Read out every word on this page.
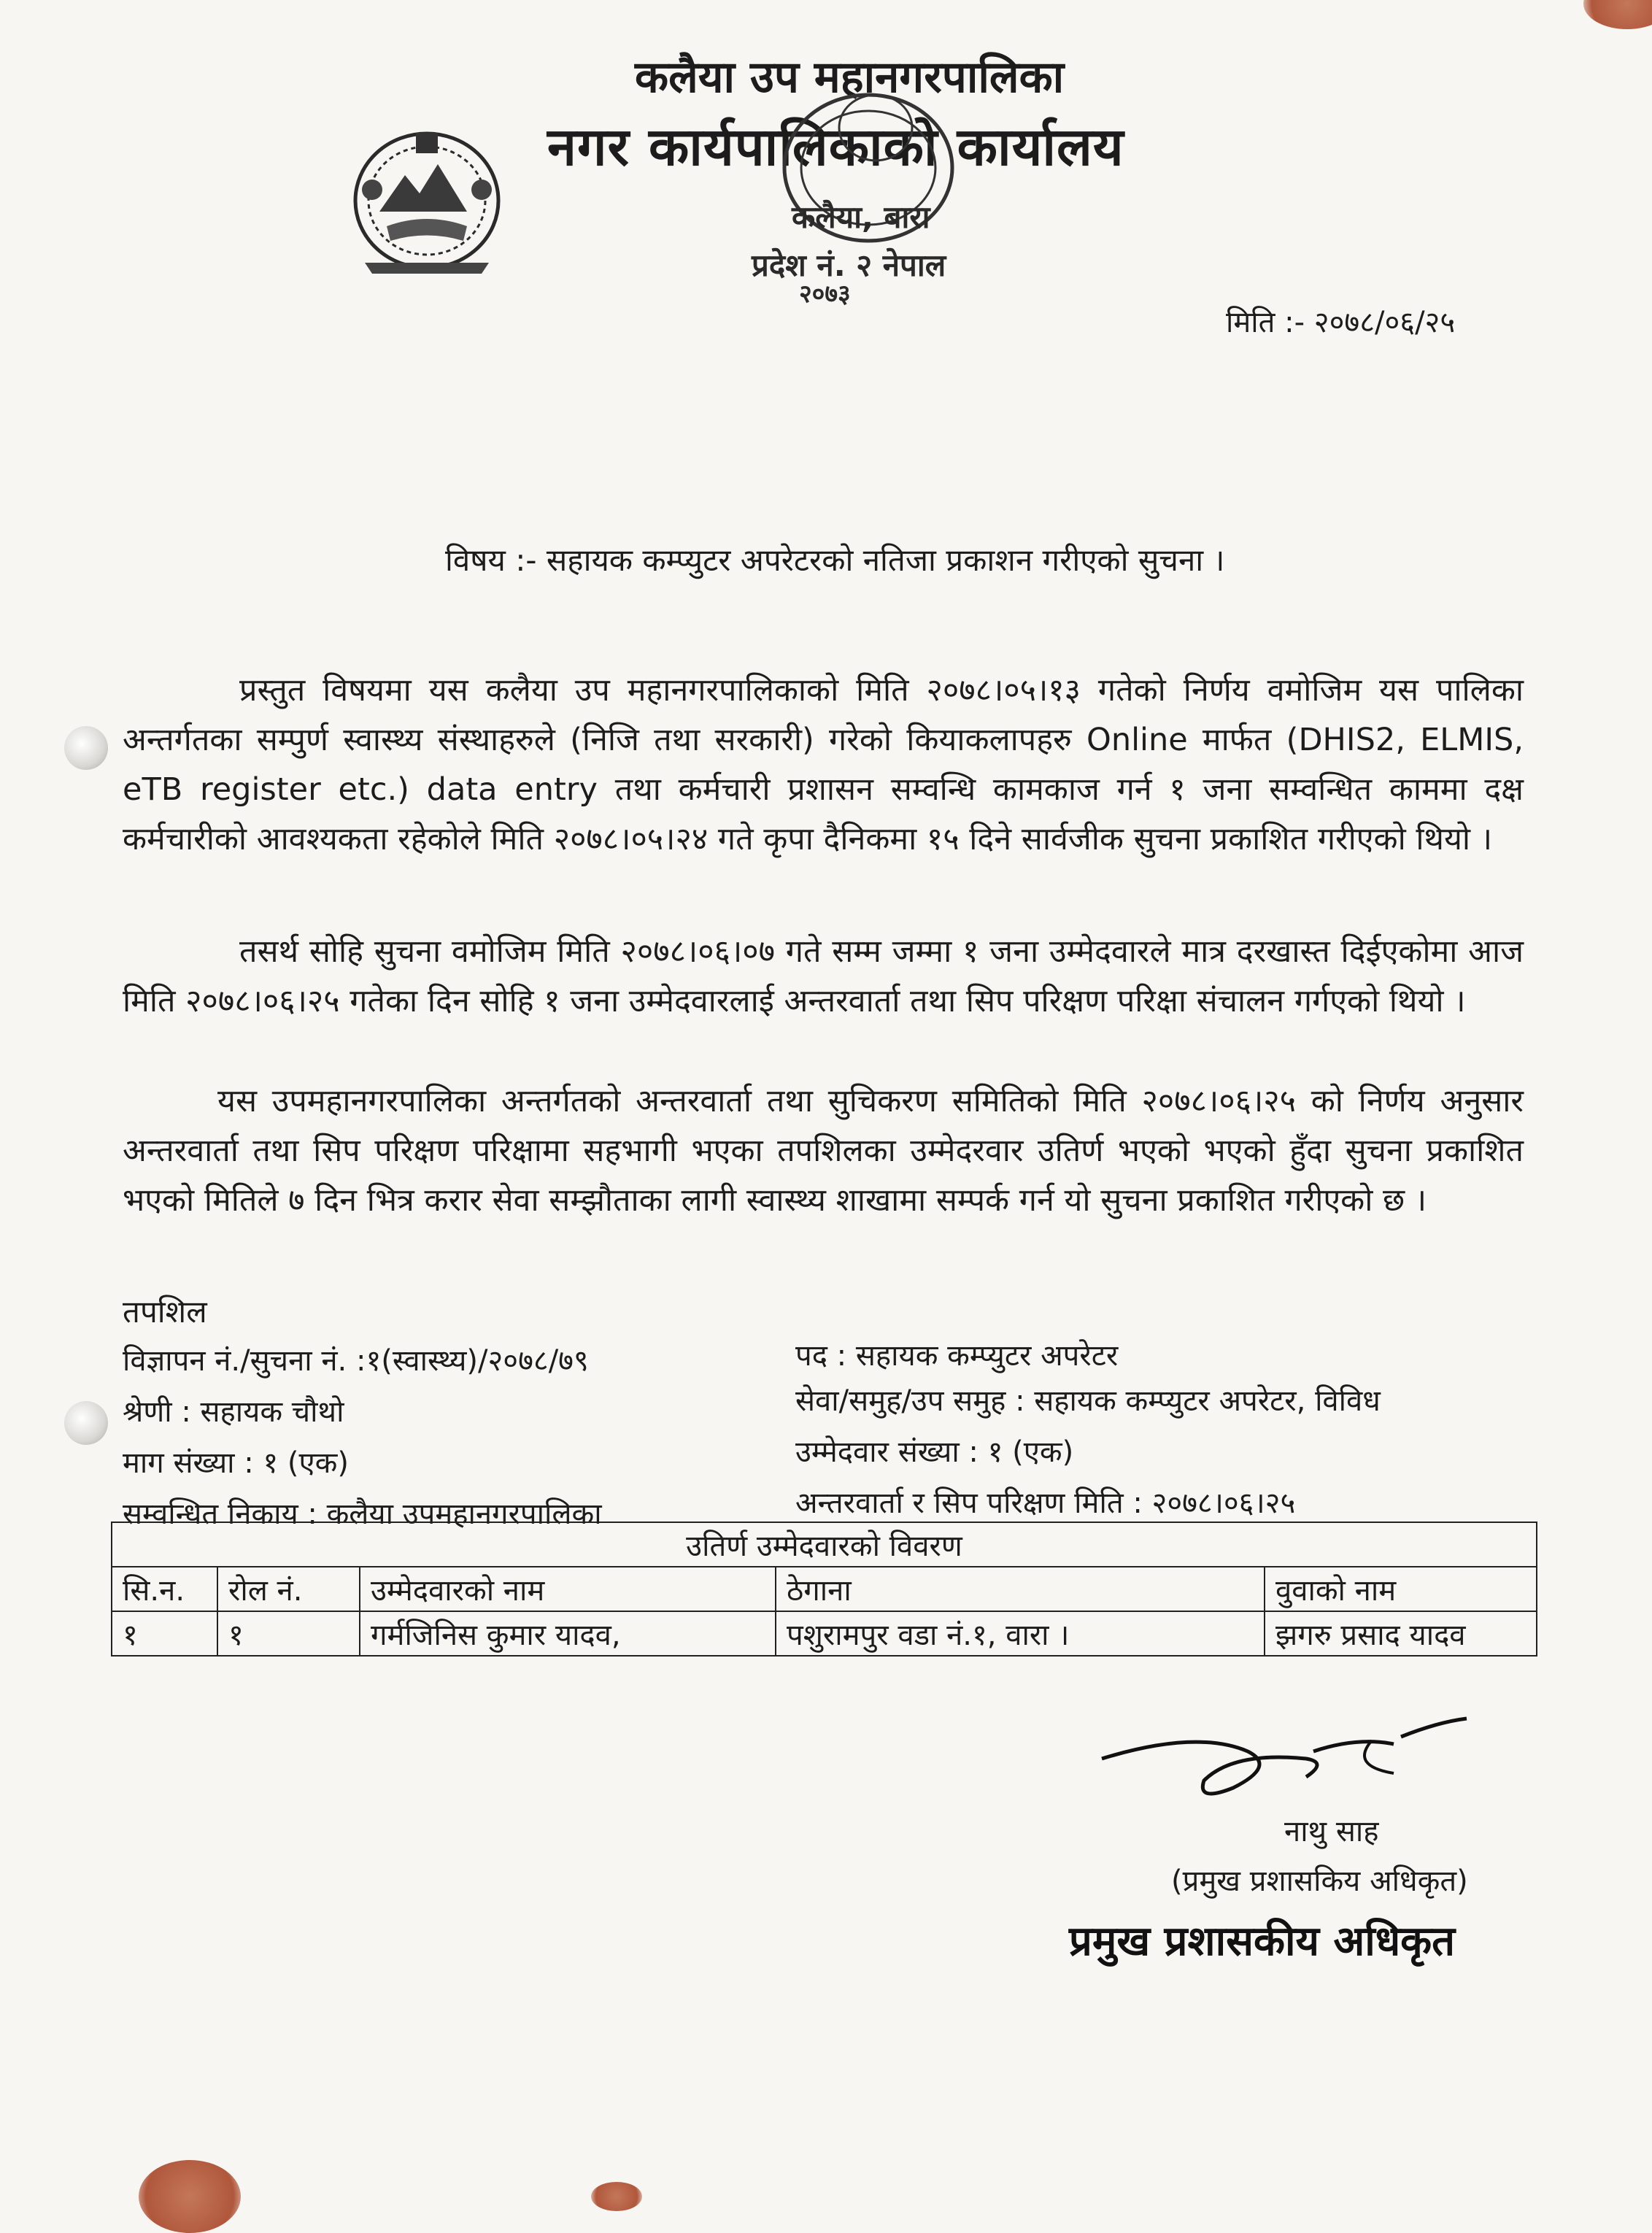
कलैया उप महानगरपालिका
नगर कार्यपालिकाको कार्यालय
कलैया, बारा
प्रदेश नं. २ नेपाल
२०७३
मिति :- २०७८/०६/२५
विषय :- सहायक कम्प्युटर अपरेटरको नतिजा प्रकाशन गरीएको सुचना ।
प्रस्तुत विषयमा यस कलैया उप महानगरपालिकाको मिति २०७८।०५।१३ गतेको निर्णय वमोजिम यस पालिका अन्तर्गतका सम्पुर्ण स्वास्थ्य संस्थाहरुले (निजि तथा सरकारी) गरेको कियाकलापहरु Online मार्फत (DHIS2, ELMIS, eTB register etc.) data entry तथा कर्मचारी प्रशासन सम्वन्धि कामकाज गर्न १ जना सम्वन्धित काममा दक्ष कर्मचारीको आवश्यकता रहेकोले मिति २०७८।०५।२४ गते कृपा दैनिकमा १५ दिने सार्वजीक सुचना प्रकाशित गरीएको थियो ।
तसर्थ सोहि सुचना वमोजिम मिति २०७८।०६।०७ गते सम्म जम्मा १ जना उम्मेदवारले मात्र दरखास्त दिईएकोमा आज मिति २०७८।०६।२५ गतेका दिन सोहि १ जना उम्मेदवारलाई अन्तरवार्ता तथा सिप परिक्षण परिक्षा संचालन गर्गएको थियो ।
यस उपमहानगरपालिका अन्तर्गतको अन्तरवार्ता तथा सुचिकरण समितिको मिति २०७८।०६।२५ को निर्णय अनुसार अन्तरवार्ता तथा सिप परिक्षण परिक्षामा सहभागी भएका तपशिलका उम्मेदरवार उतिर्ण भएको भएको हुँदा सुचना प्रकाशित भएको मितिले ७ दिन भित्र करार सेवा सम्झौताका लागी स्वास्थ्य शाखामा सम्पर्क गर्न यो सुचना प्रकाशित गरीएको छ ।
तपशिल
विज्ञापन नं./सुचना नं. :१(स्वास्थ्य)/२०७८/७९	पद : सहायक कम्प्युटर अपरेटर
श्रेणी : सहायक चौथो	सेवा/समुह/उप समुह : सहायक कम्प्युटर अपरेटर, विविध
माग संख्या : १ (एक)	उम्मेदवार संख्या : १ (एक)
सम्वन्धित निकाय : कलैया उपमहानगरपालिका	अन्तरवार्ता र सिप परिक्षण मिति : २०७८।०६।२५
उतिर्ण उम्मेदवारको विवरण				
सि.न.	रोल नं.	उम्मेदवारको नाम	ठेगाना	वुवाको नाम
१	१	गर्मजिनिस कुमार यादव,	पशुरामपुर वडा नं.१, वारा ।	झगरु प्रसाद यादव
नाथु साह
(प्रमुख प्रशासकिय अधिकृत)
प्रमुख प्रशासकीय अधिकृत
